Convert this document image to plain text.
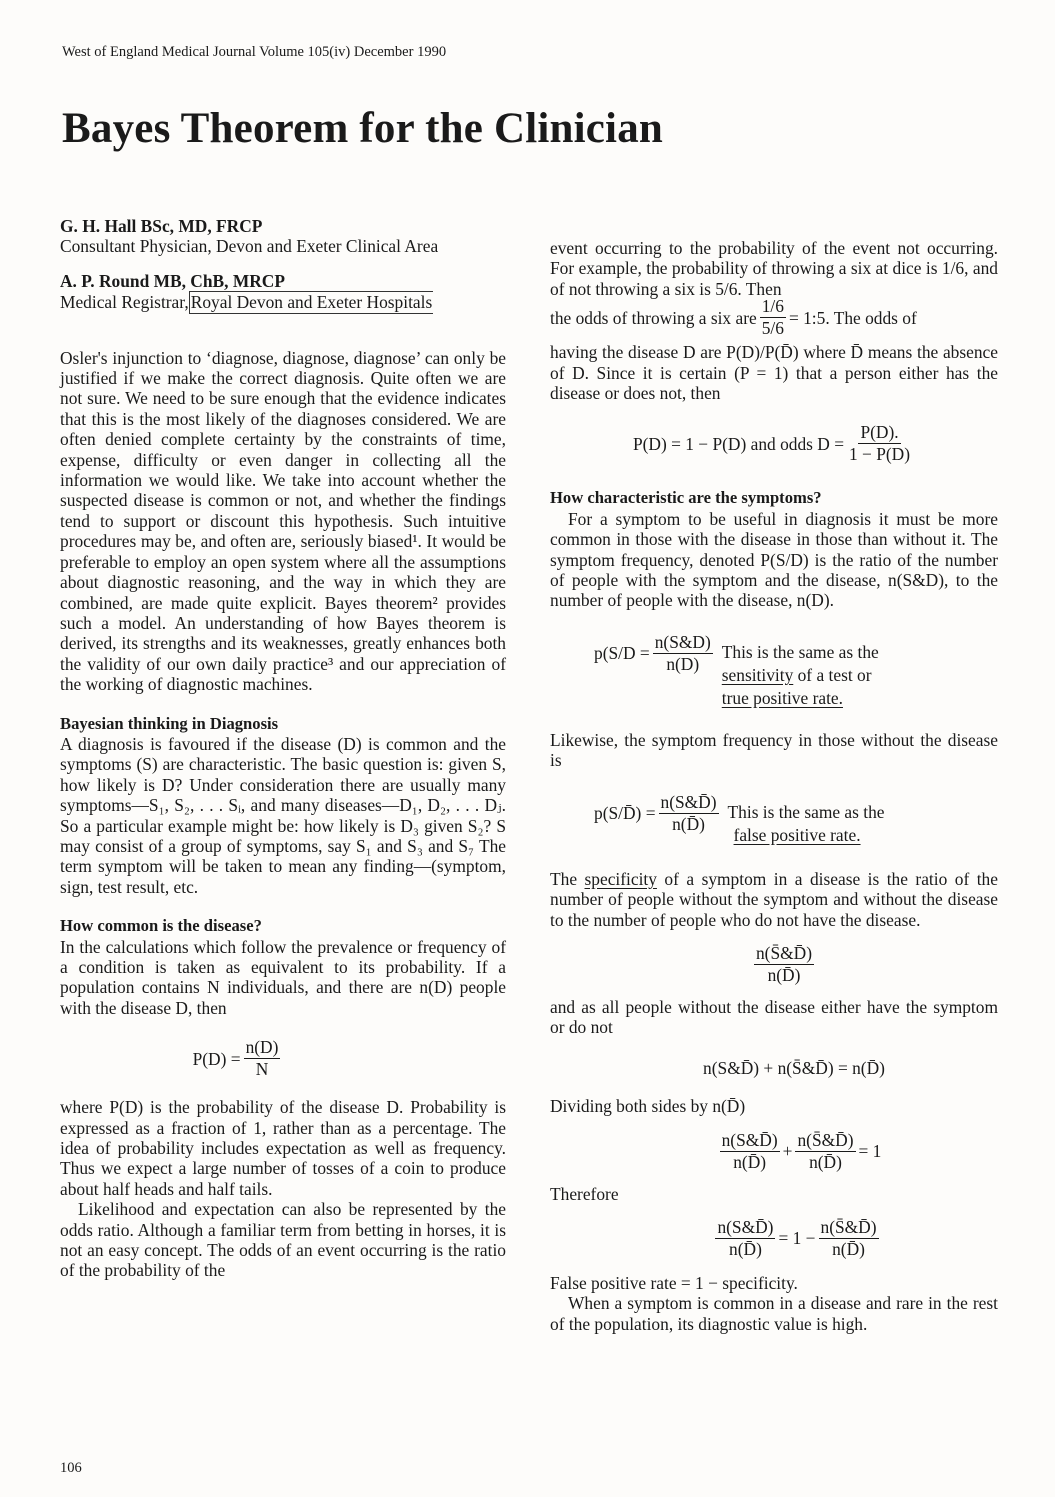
West of England Medical Journal Volume 105(iv) December 1990
Bayes Theorem for the Clinician
G. H. Hall BSc, MD, FRCP
Consultant Physician, Devon and Exeter Clinical Area
A. P. Round MB, ChB, MRCP
Medical Registrar, Royal Devon and Exeter Hospitals

Osler's injunction to ‘diagnose, diagnose, diagnose’ can only be justified if we make the correct diagnosis. Quite often we are not sure. We need to be sure enough that the evidence indicates that this is the most likely of the diagnoses considered. We are often denied complete certainty by the constraints of time, expense, difficulty or even danger in collecting all the information we would like. We take into account whether the suspected disease is common or not, and whether the findings tend to support or discount this hypothesis. Such intuitive procedures may be, and often are, seriously biased¹. It would be preferable to employ an open system where all the assumptions about diagnostic reasoning, and the way in which they are combined, are made quite explicit. Bayes theorem² provides such a model. An understanding of how Bayes theorem is derived, its strengths and its weaknesses, greatly enhances both the validity of our own daily practice³ and our appreciation of the working of diagnostic machines.

Bayesian thinking in Diagnosis

A diagnosis is favoured if the disease (D) is common and the symptoms (S) are characteristic. The basic question is: given S, how likely is D? Under consideration there are usually many symptoms—S₁, S₂, . . . Sᵢ, and many diseases—D₁, D₂, . . . Dⱼ. So a particular example might be: how likely is D₃ given S₂? S may consist of a group of symptoms, say S₁ and S₃ and S₇ The term symptom will be taken to mean any finding—(symptom, sign, test result, etc.

How common is the disease?

In the calculations which follow the prevalence or frequency of a condition is taken as equivalent to its probability. If a population contains N individuals, and there are n(D) people with the disease D, then

$P(D) = \frac{n(D)}{N}$

where P(D) is the probability of the disease D. Probability is expressed as a fraction of 1, rather than as a percentage. The idea of probability includes expectation as well as frequency. Thus we expect a large number of tosses of a coin to produce about half heads and half tails.

Likelihood and expectation can also be represented by the odds ratio. Although a familiar term from betting in horses, it is not an easy concept. The odds of an event occurring is the ratio of the probability of the

event occurring to the probability of the event not occurring. For example, the probability of throwing a six at dice is 1/6, and of not throwing a six is 5/6. Then

the odds of throwing a six are $\frac{1/6}{5/6}$ = 1:5. The odds of

having the disease D are P(D)/P(D̄) where D̄ means the absence of D. Since it is certain (P = 1) that a person either has the disease or does not, then

P(D) = 1 − P(D) and odds $D = \frac{P(D).}{1 - P(D)}$
How characteristic are the symptoms?

For a symptom to be useful in diagnosis it must be more common in those with the disease in those than without it. The symptom frequency, denoted P(S/D) is the ratio of the number of people with the symptom and the disease, n(S&D), to the number of people with the disease, n(D).

$p(S/D = \frac{n(S\&D)}{n(D)}$ This is the same as the
sensitivity of a test or
true positive rate.

Likewise, the symptom frequency in those without the disease is

p(S/D̄) = $\frac{n(S\&D̄)}{n(D̄)}$ This is the same as the
false positive rate.

The specificity of a symptom in a disease is the ratio of the number of people without the symptom and without the disease to the number of people who do not have the disease.

$\frac{n(S̄\&D̄)}{n(D̄)}$

and as all people without the disease either have the symptom or do not

n(S&D̄) + n(S̄&D̄) = n(D̄)

Dividing both sides by n(D̄)

$\frac{n(S\&D̄)}{n(D̄)} + \frac{n(S̄\&D̄)}{n(D̄)} = 1$

Therefore

$\frac{n(S\&D̄)}{n(D̄)} = 1 - \frac{n(S̄\&D̄)}{n(D̄)}$

False positive rate = 1 − specificity.

When a symptom is common in a disease and rare in the rest of the population, its diagnostic value is high.

106
